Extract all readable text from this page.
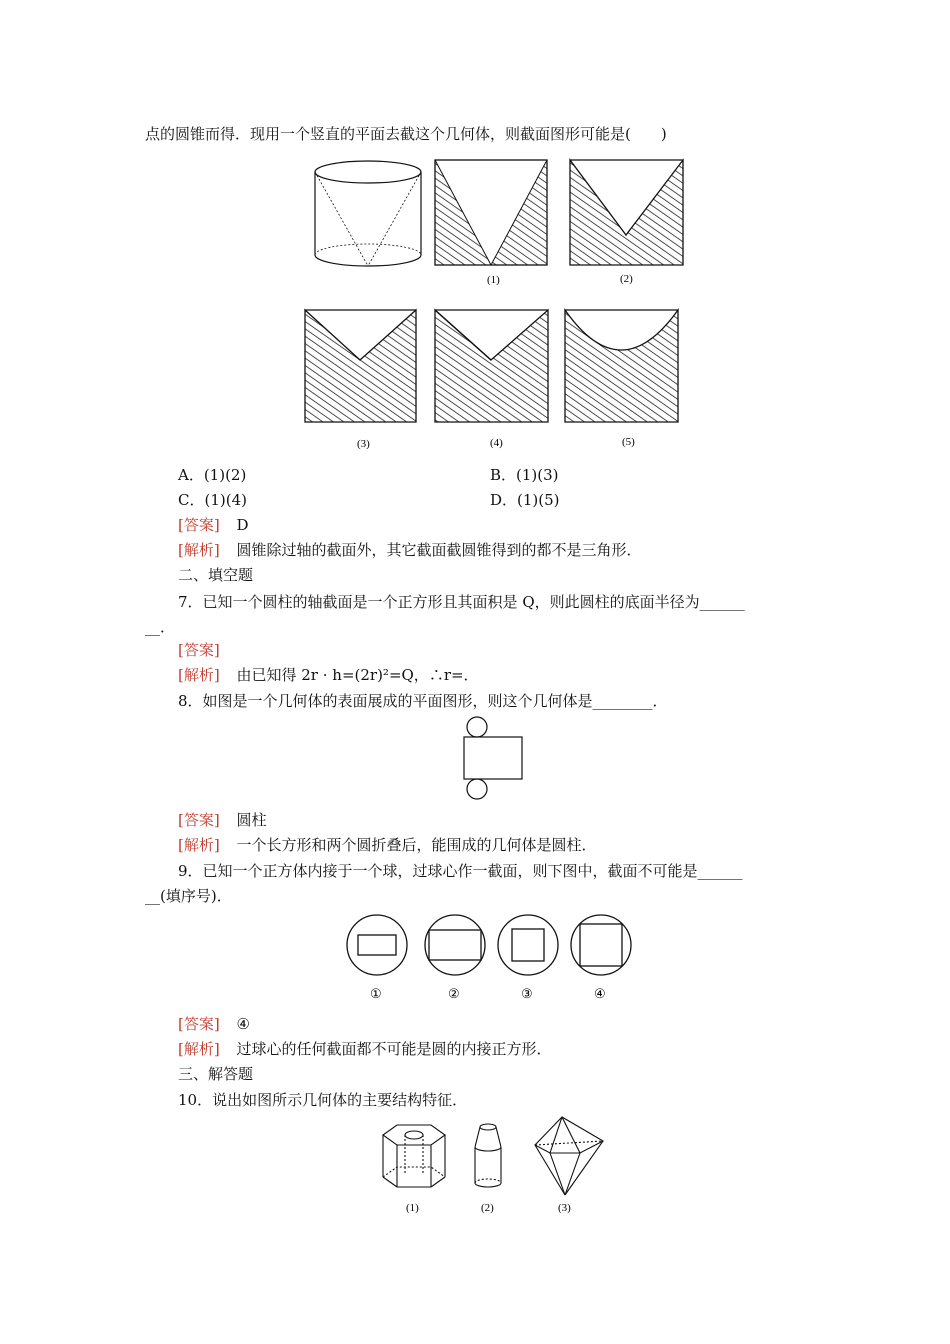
点的圆锥而得．现用一个竖直的平面去截这个几何体，则截面图形可能是(　　)
(1)	(2)
(3)	(4)	(5)
A．(1)(2)	B．(1)(3)
C．(1)(4)	D．(1)(5)
[答案] D
[解析] 圆锥除过轴的截面外，其它截面截圆锥得到的都不是三角形．
二、填空题
7．已知一个圆柱的轴截面是一个正方形且其面积是 Q，则此圆柱的底面半径为______
__．
[答案]
[解析] 由已知得 2r · h=(2r)²=Q，∴r=．
8．如图是一个几何体的表面展成的平面图形，则这个几何体是________．
[答案] 圆柱
[解析] 一个长方形和两个圆折叠后，能围成的几何体是圆柱．
9．已知一个正方体内接于一个球，过球心作一截面，则下图中，截面不可能是______
__(填序号)．
①	②	③	④
[答案] ④
[解析] 过球心的任何截面都不可能是圆的内接正方形．
三、解答题
10．说出如图所示几何体的主要结构特征．
(1)	(2)	(3)
